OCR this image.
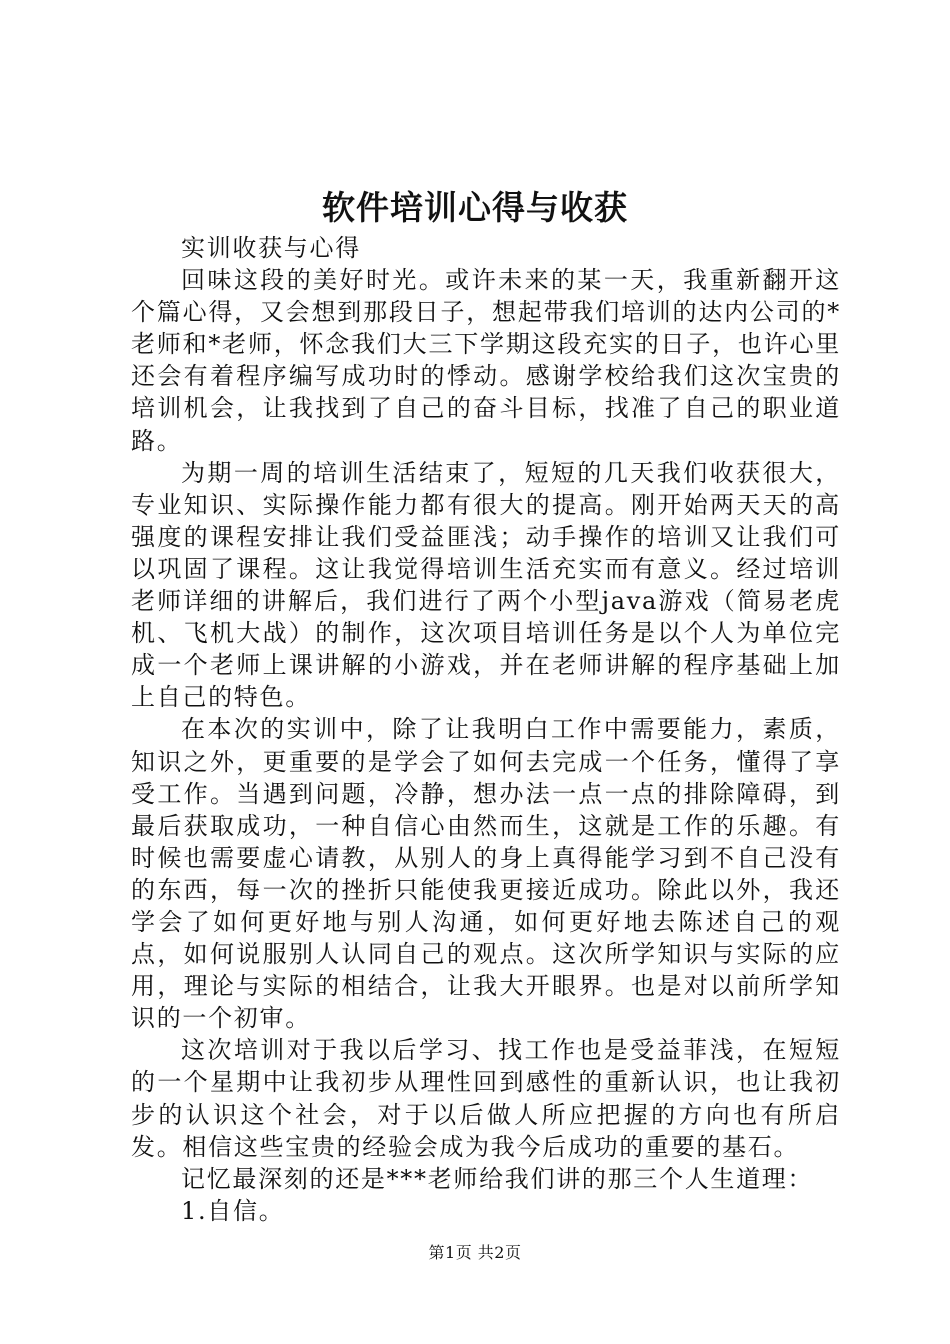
软件培训心得与收获

实训收获与心得

回味这段的美好时光。或许未来的某一天，我重新翻开这个篇心得，又会想到那段日子，想起带我们培训的达内公司的*老师和*老师，怀念我们大三下学期这段充实的日子，也许心里还会有着程序编写成功时的悸动。感谢学校给我们这次宝贵的培训机会，让我找到了自己的奋斗目标，找准了自己的职业道路。

为期一周的培训生活结束了，短短的几天我们收获很大，专业知识、实际操作能力都有很大的提高。刚开始两天天的高强度的课程安排让我们受益匪浅；动手操作的培训又让我们可以巩固了课程。这让我觉得培训生活充实而有意义。经过培训老师详细的讲解后，我们进行了两个小型java游戏（简易老虎机、飞机大战）的制作，这次项目培训任务是以个人为单位完成一个老师上课讲解的小游戏，并在老师讲解的程序基础上加上自己的特色。

在本次的实训中，除了让我明白工作中需要能力，素质，知识之外，更重要的是学会了如何去完成一个任务，懂得了享受工作。当遇到问题，冷静，想办法一点一点的排除障碍，到最后获取成功，一种自信心由然而生，这就是工作的乐趣。有时候也需要虚心请教，从别人的身上真得能学习到不自己没有的东西，每一次的挫折只能使我更接近成功。除此以外，我还学会了如何更好地与别人沟通，如何更好地去陈述自己的观点，如何说服别人认同自己的观点。这次所学知识与实际的应用，理论与实际的相结合，让我大开眼界。也是对以前所学知识的一个初审。

这次培训对于我以后学习、找工作也是受益菲浅，在短短的一个星期中让我初步从理性回到感性的重新认识，也让我初步的认识这个社会，对于以后做人所应把握的方向也有所启发。相信这些宝贵的经验会成为我今后成功的重要的基石。

记忆最深刻的还是***老师给我们讲的那三个人生道理：

1.自信。

第1页 共2页
